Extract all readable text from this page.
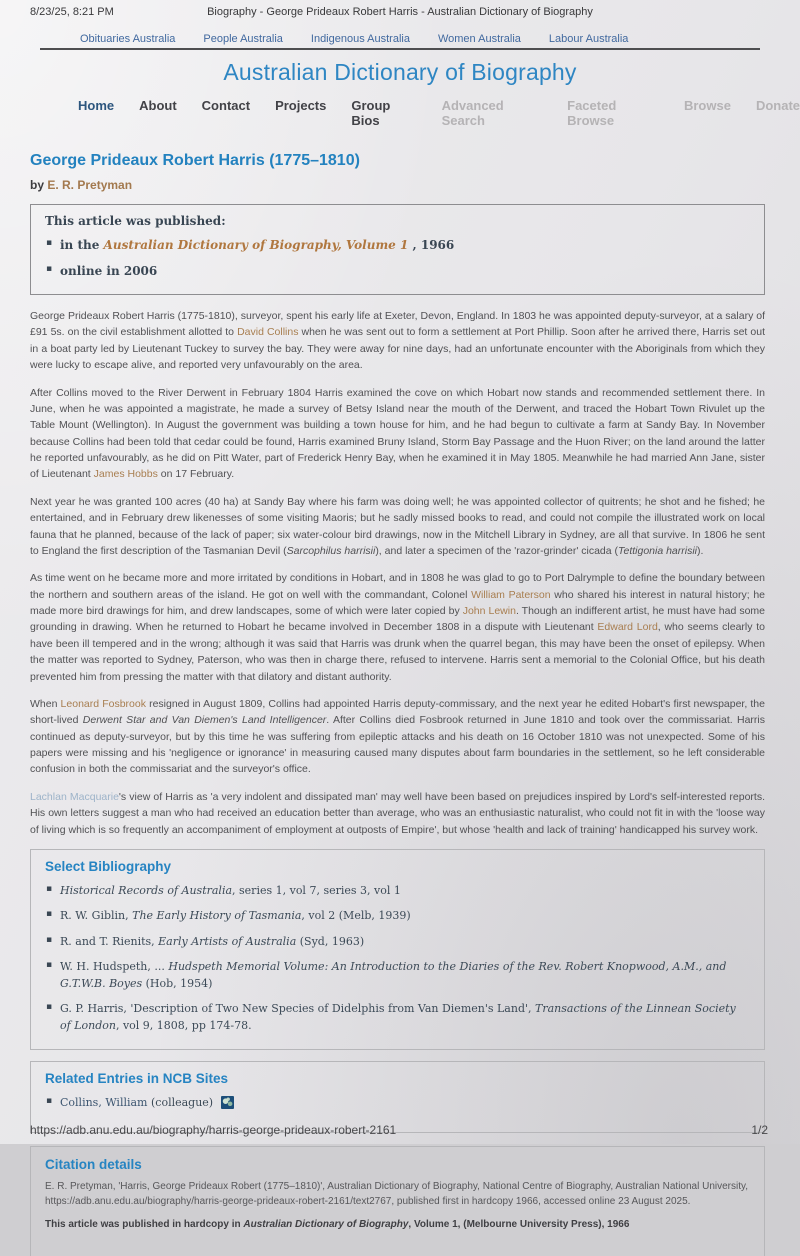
8/23/25, 8:21 PM	Biography - George Prideaux Robert Harris - Australian Dictionary of Biography
Obituaries Australia	People Australia	Indigenous Australia	Women Australia	Labour Australia
Australian Dictionary of Biography
Home About Contact Projects Group Bios
Advanced Search
Faceted Browse
Browse Donate
George Prideaux Robert Harris (1775–1810)
by E. R. Pretyman
This article was published:
▪ in the Australian Dictionary of Biography, Volume 1 , 1966
▪ online in 2006

George Prideaux Robert Harris (1775-1810), surveyor, spent his early life at Exeter, Devon, England. In 1803 he was appointed deputy-surveyor, at a salary of £91 5s. on the civil establishment allotted to David Collins when he was sent out to form a settlement at Port Phillip. Soon after he arrived there, Harris set out in a boat party led by Lieutenant Tuckey to survey the bay. They were away for nine days, had an unfortunate encounter with the Aboriginals from which they were lucky to escape alive, and reported very unfavourably on the area.

After Collins moved to the River Derwent in February 1804 Harris examined the cove on which Hobart now stands and recommended settlement there. In June, when he was appointed a magistrate, he made a survey of Betsy Island near the mouth of the Derwent, and traced the Hobart Town Rivulet up the Table Mount (Wellington). In August the government was building a town house for him, and he had begun to cultivate a farm at Sandy Bay. In November because Collins had been told that cedar could be found, Harris examined Bruny Island, Storm Bay Passage and the Huon River; on the land around the latter he reported unfavourably, as he did on Pitt Water, part of Frederick Henry Bay, when he examined it in May 1805. Meanwhile he had married Ann Jane, sister of Lieutenant James Hobbs on 17 February.

Next year he was granted 100 acres (40 ha) at Sandy Bay where his farm was doing well; he was appointed collector of quitrents; he shot and he fished; he entertained, and in February drew likenesses of some visiting Maoris; but he sadly missed books to read, and could not compile the illustrated work on local fauna that he planned, because of the lack of paper; six water-colour bird drawings, now in the Mitchell Library in Sydney, are all that survive. In 1806 he sent to England the first description of the Tasmanian Devil (Sarcophilus harrisii), and later a specimen of the 'razor-grinder' cicada (Tettigonia harrisii).

As time went on he became more and more irritated by conditions in Hobart, and in 1808 he was glad to go to Port Dalrymple to define the boundary between the northern and southern areas of the island. He got on well with the commandant, Colonel William Paterson who shared his interest in natural history; he made more bird drawings for him, and drew landscapes, some of which were later copied by John Lewin. Though an indifferent artist, he must have had some grounding in drawing. When he returned to Hobart he became involved in December 1808 in a dispute with Lieutenant Edward Lord, who seems clearly to have been ill tempered and in the wrong; although it was said that Harris was drunk when the quarrel began, this may have been the onset of epilepsy. When the matter was reported to Sydney, Paterson, who was then in charge there, refused to intervene. Harris sent a memorial to the Colonial Office, but his death prevented him from pressing the matter with that dilatory and distant authority.

When Leonard Fosbrook resigned in August 1809, Collins had appointed Harris deputy-commissary, and the next year he edited Hobart's first newspaper, the short-lived Derwent Star and Van Diemen's Land Intelligencer. After Collins died Fosbrook returned in June 1810 and took over the commissariat. Harris continued as deputy-surveyor, but by this time he was suffering from epileptic attacks and his death on 16 October 1810 was not unexpected. Some of his papers were missing and his 'negligence or ignorance' in measuring caused many disputes about farm boundaries in the settlement, so he left considerable confusion in both the commissariat and the surveyor's office.

Lachlan Macquarie's view of Harris as 'a very indolent and dissipated man' may well have been based on prejudices inspired by Lord's self-interested reports. His own letters suggest a man who had received an education better than average, who was an enthusiastic naturalist, who could not fit in with the 'loose way of living which is so frequently an accompaniment of employment at outposts of Empire', but whose 'health and lack of training' handicapped his survey work.

Select Bibliography
▪ Historical Records of Australia, series 1, vol 7, series 3, vol 1
▪ R. W. Giblin, The Early History of Tasmania, vol 2 (Melb, 1939)
▪ R. and T. Rienits, Early Artists of Australia (Syd, 1963)
▪ W. H. Hudspeth, ... Hudspeth Memorial Volume: An Introduction to the Diaries of the Rev. Robert Knopwood, A.M., and G.T.W.B. Boyes (Hob, 1954)
▪ G. P. Harris, 'Description of Two New Species of Didelphis from Van Diemen's Land', Transactions of the Linnean Society of London, vol 9, 1808, pp 174-78.
Related Entries in NCB Sites
▪ Collins, William (colleague)
Citation details
E. R. Pretyman, 'Harris, George Prideaux Robert (1775–1810)', Australian Dictionary of Biography, National Centre of Biography, Australian National University, https://adb.anu.edu.au/biography/harris-george-prideaux-robert-2161/text2767, published first in hardcopy 1966, accessed online 23 August 2025.
This article was published in hardcopy in Australian Dictionary of Biography, Volume 1, (Melbourne University Press), 1966
https://adb.anu.edu.au/biography/harris-george-prideaux-robert-2161	1/2
